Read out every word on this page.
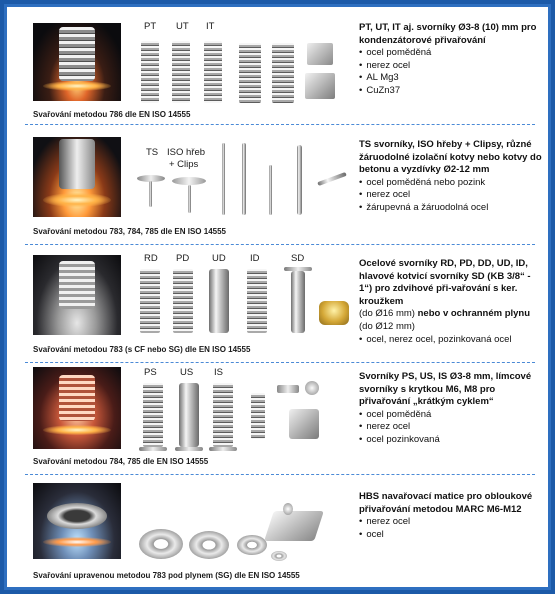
Svařování metodou 786 dle EN ISO 14555
PT UT IT	PT, UT, IT aj. svorníky Ø3-8 (10) mm pro kondenzátorové přivařování
• ocel poměděná
• nerez ocel
• AL Mg3
• CuZn37
Svařování metodou 783, 784, 785 dle EN ISO 14555
TS ISO hřeb
+ Clips
TS svorníky, ISO hřeby + Clipsy, různé žáruodolné izolační kotvy nebo kotvy do betonu a vyzdívky Ø2-12 mm
• ocel poměděná nebo pozink
• nerez ocel
• žárupevná a žáruodolná ocel
Svařování metodou 783 (s CF nebo SG) dle EN ISO 14555
RD PD UD	ID	SD	Ocelové svorníky RD, PD, DD, UD, ID, hlavové kotvicí svorníky SD (KB 3/8“ - 1“) pro zdvihové při-vařování s ker. kroužkem
(do Ø16 mm) nebo v ochranném plynu (do Ø12 mm)
• ocel, nerez ocel, pozinkovaná ocel
Svařování metodou 784, 785 dle EN ISO 14555
PS US IS	Svorníky PS, US, IS Ø3-8 mm, límcové svorníky s krytkou M6, M8 pro přivařování „krátkým cyklem“
• ocel poměděná
• nerez ocel
• ocel pozinkovaná
Svařování upravenou metodou 783 pod plynem (SG) dle EN ISO 14555
HBS navařovací matice pro obloukové přivařování metodou MARC M6-M12
• nerez ocel
• ocel
